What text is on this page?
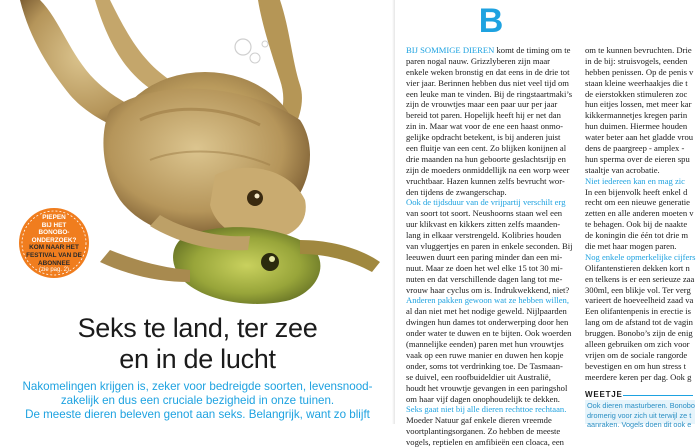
PIEPEN
BIJ HET
BONOBO-
ONDERZOEK?
KOM NAAR HET
FESTIVAL VAN DE
ABONNEE
(zie pag. 2)
Seks te land, ter zee
en in de lucht
Nakomelingen krijgen is, zeker voor bedreigde soorten, levensnood-
zakelijk en dus een cruciale bezigheid in onze tuinen.
De meeste dieren beleven genot aan seks. Belangrijk, want zo blijft
B
BIJ SOMMIGE DIEREN komt de timing om te
paren nogal nauw. Grizzlyberen zijn maar
enkele weken bronstig en dat eens in de drie tot
vier jaar. Berinnen hebben dus niet veel tijd om
een leuke man te vinden. Bij de ringstaartmaki’s
zijn de vrouwtjes maar een paar uur per jaar
bereid tot paren. Hopelijk heeft hij er net dan
zin in. Maar wat voor de ene een haast onmo-
gelijke opdracht betekent, is bij anderen juist
een fluitje van een cent. Zo blijken konijnen al
drie maanden na hun geboorte geslachtsrijp en
zijn de moeders onmiddellijk na een worp weer
vruchtbaar. Hazen kunnen zelfs bevrucht wor-
den tijdens de zwangerschap.
Ook de tijdsduur van de vrijpartij verschilt erg
van soort tot soort. Neushoorns staan wel een
uur klikvast en kikkers zitten zelfs maanden-
lang in elkaar verstrengeld. Kolibries houden
van vluggertjes en paren in enkele seconden. Bij
leeuwen duurt een paring minder dan een mi-
nuut. Maar ze doen het wel elke 15 tot 30 mi-
nuten en dat verschillende dagen lang tot me-
vrouw haar cyclus om is. Indrukwekkend, niet?
Anderen pakken gewoon wat ze hebben willen,
al dan niet met het nodige geweld. Nijlpaarden
dwingen hun dames tot onderwerping door hen
onder water te duwen en te bijten. Ook woerden
(mannelijke eenden) paren met hun vrouwtjes
vaak op een ruwe manier en duwen hen kopje
onder, soms tot verdrinking toe. De Tasmaan-
se duivel, een roofbuideldier uit Australië,
houdt het vrouwtje gevangen in een paringshol
om haar vijf dagen onophoudelijk te dekken.
Seks gaat niet bij alle dieren rechttoe rechtaan.
Moeder Natuur gaf enkele dieren vreemde
voortplantingsorganen. Zo hebben de meeste
vogels, reptielen en amfibieën een cloaca, een
om te kunnen bevruchten. Drie
in de bij: struisvogels, eenden
hebben penissen. Op de penis v
staan kleine weerhaakjes die t
de eierstokken stimuleren zoc
hun eitjes lossen, met meer kar
kikkermannetjes kregen parin
hun duimen. Hiermee houden
water beter aan het gladde vrou
dens de paargreep - amplex -
hun sperma over de eieren spu
staaltje van acrobatie.
Niet iedereen kan en mag zic
In een bijenvolk heeft enkel d
recht om een nieuwe generatie
zetten en alle anderen moeten v
te behagen. Ook bij de naakte
de koningin die één tot drie m
die met haar mogen paren.
Nog enkele opmerkelijke cijfers
Olifantenstieren dekken kort n
en telkens is er een serieuze zaa
300ml, een blikje vol. Ter verg
varieert de hoeveelheid zaad va
Een olifantenpenis in erectie is
lang om de afstand tot de vagin
bruggen. Bonobo’s zijn de enig
alleen gebruiken om zich voor
vrijen om de sociale rangorde
bevestigen en om hun stress t
meerdere keren per dag. Ook g
WEETJE
Ook dieren masturberen. Bonobo
dromerig voor zich uit terwijl ze t
aanraken. Vogels doen dit ook e
